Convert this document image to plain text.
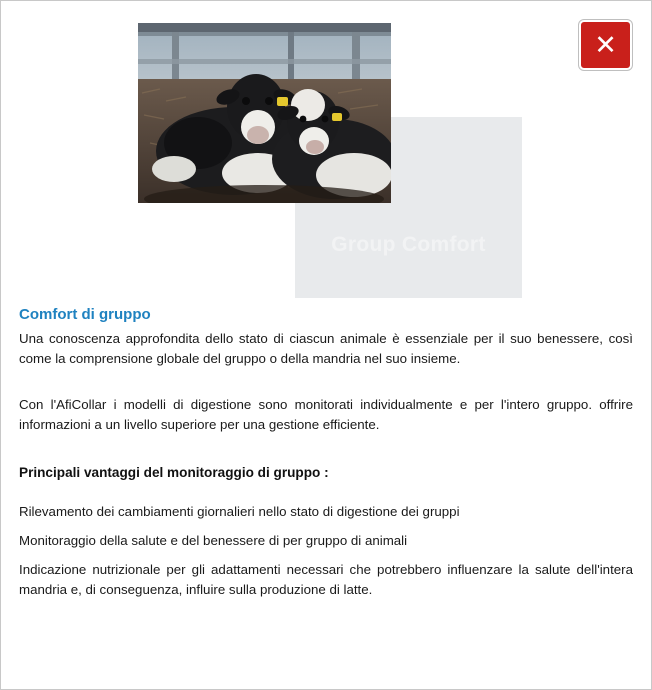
✕
Group Comfort
Comfort di gruppo

Una conoscenza approfondita dello stato di ciascun animale è essenziale per il suo benessere, così come la comprensione globale del gruppo o della mandria nel suo insieme.

Con l'AfiCollar i modelli di digestione sono monitorati individualmente e per l'intero gruppo. offrire informazioni a un livello superiore per una gestione efficiente.

Principali vantaggi del monitoraggio di gruppo :
Rilevamento dei cambiamenti giornalieri nello stato di digestione dei gruppi
Monitoraggio della salute e del benessere di per gruppo di animali
Indicazione nutrizionale per gli adattamenti necessari che potrebbero influenzare la salute dell'intera mandria e, di conseguenza, influire sulla produzione di latte.
